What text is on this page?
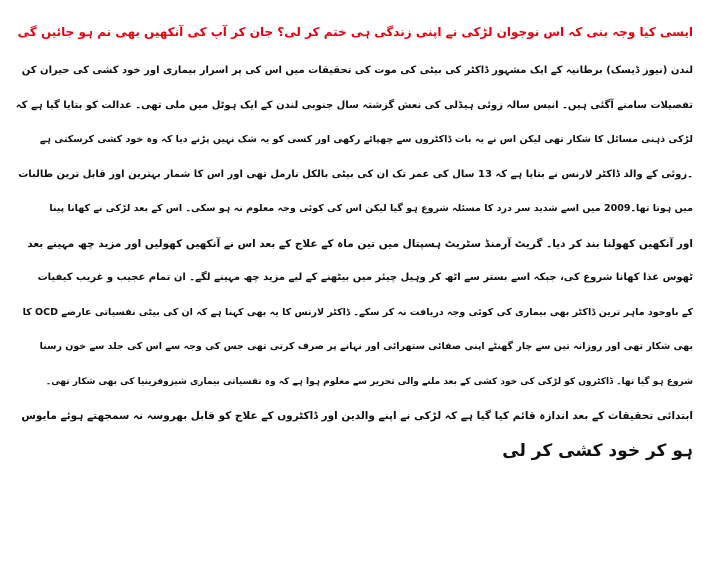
ایسی کیا وجہ بنی کہ اس نوجوان لڑکی نے اپنی زندگی ہی ختم کر لی؟ جان کر آپ کی آنکھیں بھی نم ہو جائیں گی
لندن (نیوز ڈیسک) برطانیہ کے ایک مشہور ڈاکٹر کی بیٹی کی موت کی تحقیقات میں اس کی پر اسرار بیماری اور خود کشی کی حیران کن
تفصیلات سامنے آگئی ہیں۔ انیس سالہ زوئی ہیڈلی کی نعش گزشتہ سال جنوبی لندن کے ایک ہوٹل میں ملی تھی۔ عدالت کو بتایا گیا ہے کہ
لڑکی ذہنی مسائل کا شکار تھی لیکن اس نے یہ بات ڈاکٹروں سے چھپائے رکھی اور کسی کو یہ شک نہیں پڑنے دیا کہ وہ خود کشی کرسکتی ہے
۔زوئی کے والد ڈاکٹر لارنس نے بتایا ہے کہ 13 سال کی عمر تک ان کی بیٹی بالکل نارمل تھی اور اس کا شمار بہترین اور قابل ترین طالبات
میں ہوتا تھا۔2009 میں اسے شدید سر درد کا مسئلہ شروع ہو گیا لیکن اس کی کوئی وجہ معلوم نہ ہو سکی۔ اس کے بعد لڑکی نے کھانا پینا
اور آنکھیں کھولنا بند کر دیا۔ گریٹ آرمنڈ سٹریٹ ہسپتال میں تین ماہ کے علاج کے بعد اس نے آنکھیں کھولیں اور مزید چھ مہینے بعد
ٹھوس غذا کھانا شروع کی، جبکہ اسے بستر سے اٹھ کر وہیل چیئر میں بیٹھنے کے لیے مزید چھ مہینے لگے۔ ان تمام عجیب و غریب کیفیات
کے باوجود ماہر ترین ڈاکٹر بھی بیماری کی کوئی وجہ دریافت نہ کر سکے۔ ڈاکٹر لارنس کا یہ بھی کہنا ہے کہ ان کی بیٹی نفسیاتی عارضے OCD کا
بھی شکار تھی اور روزانہ تین سے چار گھنٹے اپنی صفائی ستھرائی اور نہانے پر صرف کرتی تھی جس کی وجہ سے اس کی جلد سے خون رسنا
شروع ہو گیا تھا۔ ڈاکٹروں کو لڑکی کی خود کشی کے بعد ملنے والی تحریر سے معلوم ہوا ہے کہ وہ نفسیاتی بیماری شیزوفرینیا کی بھی شکار تھی۔
ابتدائی تحقیقات کے بعد اندازہ قائم کیا گیا ہے کہ لڑکی نے اپنے والدین اور ڈاکٹروں کے علاج کو قابل بھروسہ نہ سمجھتے ہوئے مایوس
ہو کر خود کشی کر لی
